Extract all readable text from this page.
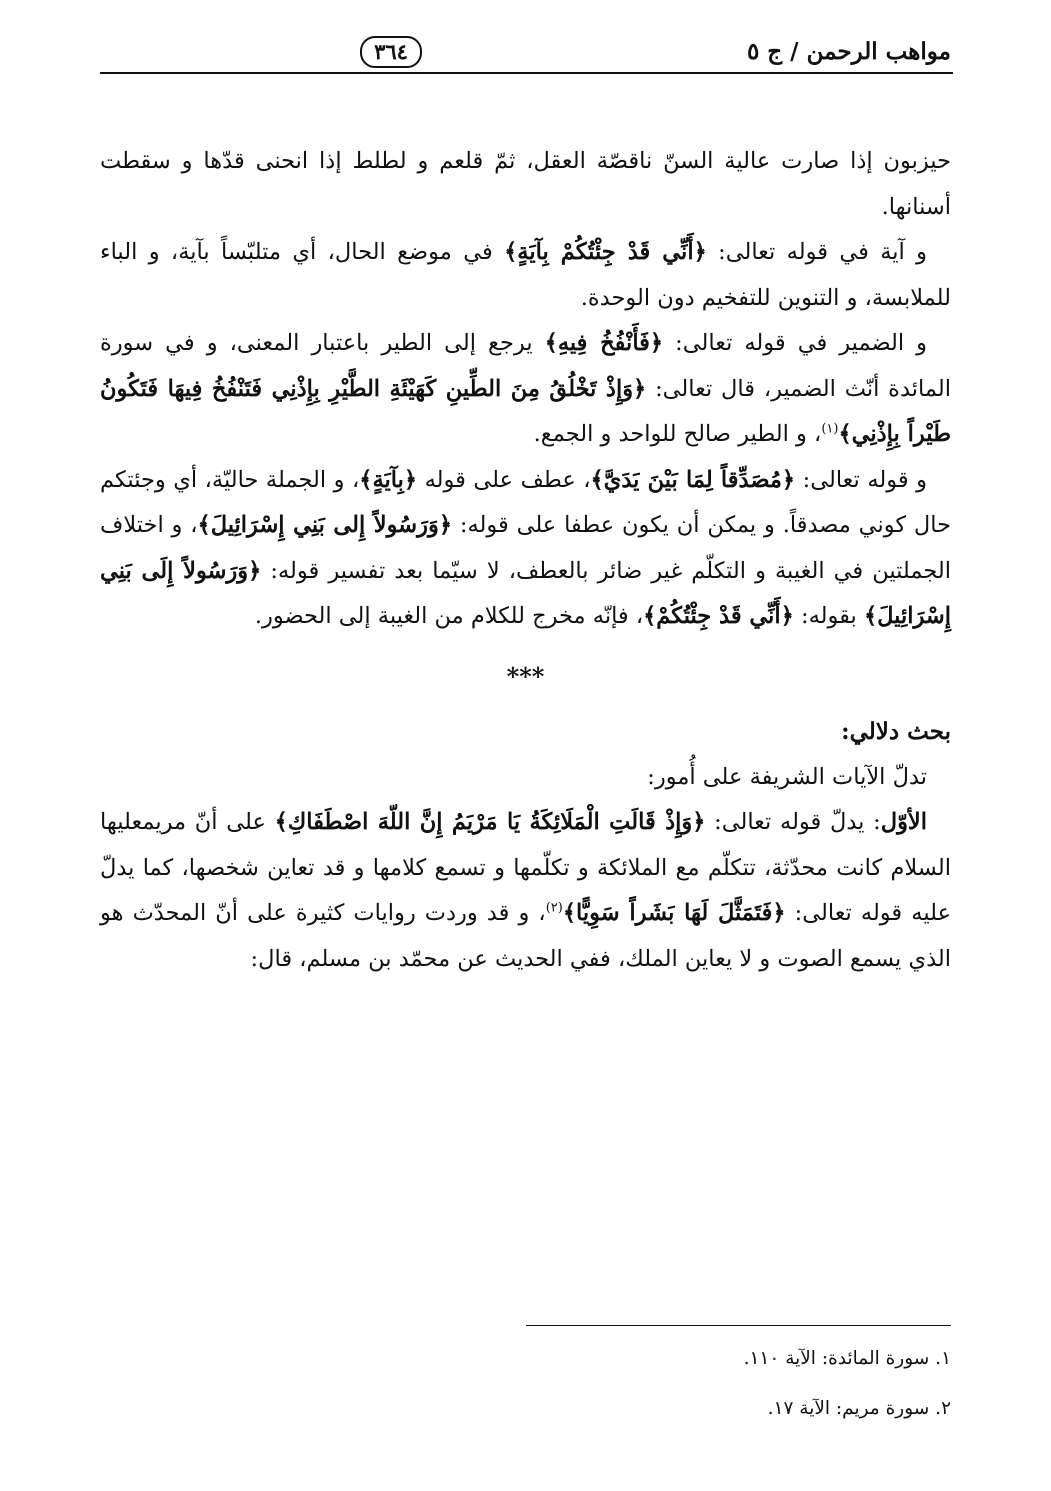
مواهب الرحمن / ج ٥
٣٦٤

حيزبون إذا صارت عالية السنّ ناقصّة العقل، ثمّ قلعم و لطلط إذا انحنى قدّها و سقطت أسنانها.

و آية في قوله تعالى: ﴿أَنِّي قَدْ جِئْتُكُمْ بِآيَةٍ﴾ في موضع الحال، أي متلبّساً بآية، و الباء للملابسة، و التنوين للتفخيم دون الوحدة.

و الضمير في قوله تعالى: ﴿فَأَنْفُخُ فِيهِ﴾ يرجع إلى الطير باعتبار المعنى، و في سورة المائدة أنّث الضمير، قال تعالى: ﴿وَإِذْ تَخْلُقُ مِنَ الطِّينِ كَهَيْئَةِ الطَّيْرِ بِإِذْنِي فَتَنْفُخُ فِيهَا فَتَكُونُ طَيْراً بِإِذْنِي﴾$^{(١)}$، و الطير صالح للواحد و الجمع.

و قوله تعالى: ﴿مُصَدِّقاً لِمَا بَيْنَ يَدَيَّ﴾، عطف على قوله ﴿بِآيَةٍ﴾، و الجملة حاليّة، أي وجئتكم حال كوني مصدقاً. و يمكن أن يكون عطفا على قوله: ﴿وَرَسُولاً إِلى بَنِي إِسْرَائِيلَ﴾، و اختلاف الجملتين في الغيبة و التكلّم غير ضائر بالعطف، لا سيّما بعد تفسير قوله: ﴿وَرَسُولاً إِلَى بَنِي إِسْرَائِيلَ﴾ بقوله: ﴿أَنِّي قَدْ جِئْتُكُمْ﴾، فإنّه مخرج للكلام من الغيبة إلى الحضور.

***

بحث دلالي:

تدلّ الآيات الشريفة على أُمور:

الأوّل: يدلّ قوله تعالى: ﴿وَإِذْ قَالَتِ الْمَلَائِكَةُ يَا مَرْيَمُ إِنَّ اللّهَ اصْطَفَاكِ﴾ على أنّ مريمعليها السلام كانت محدّثة، تتكلّم مع الملائكة و تكلّمها و تسمع كلامها و قد تعاين شخصها، كما يدلّ عليه قوله تعالى: ﴿فَتَمَثَّلَ لَهَا بَشَراً سَوِيًّا﴾$^{(٢)}$، و قد وردت روايات كثيرة على أنّ المحدّث هو الذي يسمع الصوت و لا يعاين الملك، ففي الحديث عن محمّد بن مسلم، قال:

١. سورة المائدة: الآية ١١٠.
٢. سورة مريم: الآية ١٧.
